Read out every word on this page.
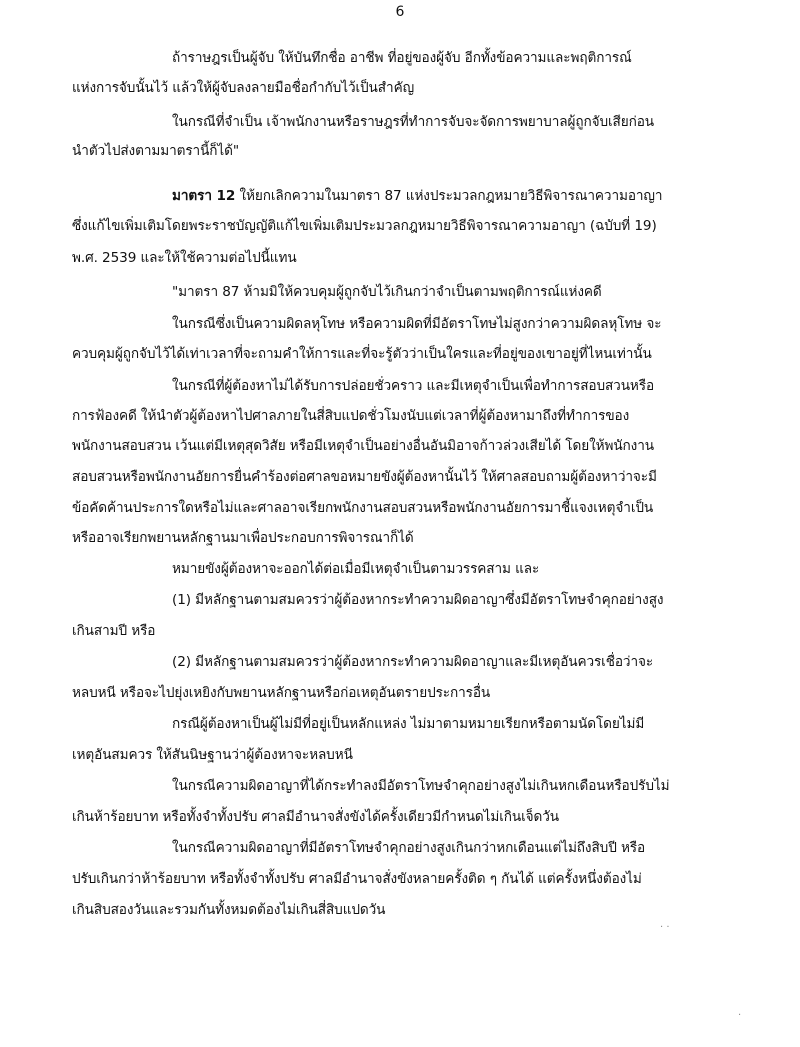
6
ถ้าราษฎรเป็นผู้จับ ให้บันทึกชื่อ อาชีพ ที่อยู่ของผู้จับ อีกทั้งข้อความและพฤติการณ์
แห่งการจับนั้นไว้ แล้วให้ผู้จับลงลายมือชื่อกำกับไว้เป็นสำคัญ
ในกรณีที่จำเป็น เจ้าพนักงานหรือราษฎรที่ทำการจับจะจัดการพยาบาลผู้ถูกจับเสียก่อน
นำตัวไปส่งตามมาตรานี้ก็ได้"
มาตรา 12 ให้ยกเลิกความในมาตรา 87 แห่งประมวลกฎหมายวิธีพิจารณาความอาญา
ซึ่งแก้ไขเพิ่มเติมโดยพระราชบัญญัติแก้ไขเพิ่มเติมประมวลกฎหมายวิธีพิจารณาความอาญา (ฉบับที่ 19)
พ.ศ. 2539 และให้ใช้ความต่อไปนี้แทน
"มาตรา 87 ห้ามมิให้ควบคุมผู้ถูกจับไว้เกินกว่าจำเป็นตามพฤติการณ์แห่งคดี
ในกรณีซึ่งเป็นความผิดลหุโทษ หรือความผิดที่มีอัตราโทษไม่สูงกว่าความผิดลหุโทษ จะ
ควบคุมผู้ถูกจับไว้ได้เท่าเวลาที่จะถามคำให้การและที่จะรู้ตัวว่าเป็นใครและที่อยู่ของเขาอยู่ที่ไหนเท่านั้น
ในกรณีที่ผู้ต้องหาไม่ได้รับการปล่อยชั่วคราว และมีเหตุจำเป็นเพื่อทำการสอบสวนหรือ
การฟ้องคดี ให้นำตัวผู้ต้องหาไปศาลภายในสี่สิบแปดชั่วโมงนับแต่เวลาที่ผู้ต้องหามาถึงที่ทำการของ
พนักงานสอบสวน เว้นแต่มีเหตุสุดวิสัย หรือมีเหตุจำเป็นอย่างอื่นอันมิอาจก้าวล่วงเสียได้ โดยให้พนักงาน
สอบสวนหรือพนักงานอัยการยื่นคำร้องต่อศาลขอหมายขังผู้ต้องหานั้นไว้ ให้ศาลสอบถามผู้ต้องหาว่าจะมี
ข้อคัดค้านประการใดหรือไม่และศาลอาจเรียกพนักงานสอบสวนหรือพนักงานอัยการมาชี้แจงเหตุจำเป็น
หรืออาจเรียกพยานหลักฐานมาเพื่อประกอบการพิจารณาก็ได้
หมายขังผู้ต้องหาจะออกได้ต่อเมื่อมีเหตุจำเป็นตามวรรคสาม และ
(1) มีหลักฐานตามสมควรว่าผู้ต้องหากระทำความผิดอาญาซึ่งมีอัตราโทษจำคุกอย่างสูง
เกินสามปี หรือ
(2) มีหลักฐานตามสมควรว่าผู้ต้องหากระทำความผิดอาญาและมีเหตุอันควรเชื่อว่าจะ
หลบหนี หรือจะไปยุ่งเหยิงกับพยานหลักฐานหรือก่อเหตุอันตรายประการอื่น
กรณีผู้ต้องหาเป็นผู้ไม่มีที่อยู่เป็นหลักแหล่ง ไม่มาตามหมายเรียกหรือตามนัดโดยไม่มี
เหตุอันสมควร ให้สันนิษฐานว่าผู้ต้องหาจะหลบหนี
ในกรณีความผิดอาญาที่ได้กระทำลงมีอัตราโทษจำคุกอย่างสูงไม่เกินหกเดือนหรือปรับไม่
เกินห้าร้อยบาท หรือทั้งจำทั้งปรับ ศาลมีอำนาจสั่งขังได้ครั้งเดียวมีกำหนดไม่เกินเจ็ดวัน
ในกรณีความผิดอาญาที่มีอัตราโทษจำคุกอย่างสูงเกินกว่าหกเดือนแต่ไม่ถึงสิบปี หรือ
ปรับเกินกว่าห้าร้อยบาท หรือทั้งจำทั้งปรับ ศาลมีอำนาจสั่งขังหลายครั้งติด ๆ กันได้ แต่ครั้งหนึ่งต้องไม่
เกินสิบสองวันและรวมกันทั้งหมดต้องไม่เกินสี่สิบแปดวัน
· ·
·
